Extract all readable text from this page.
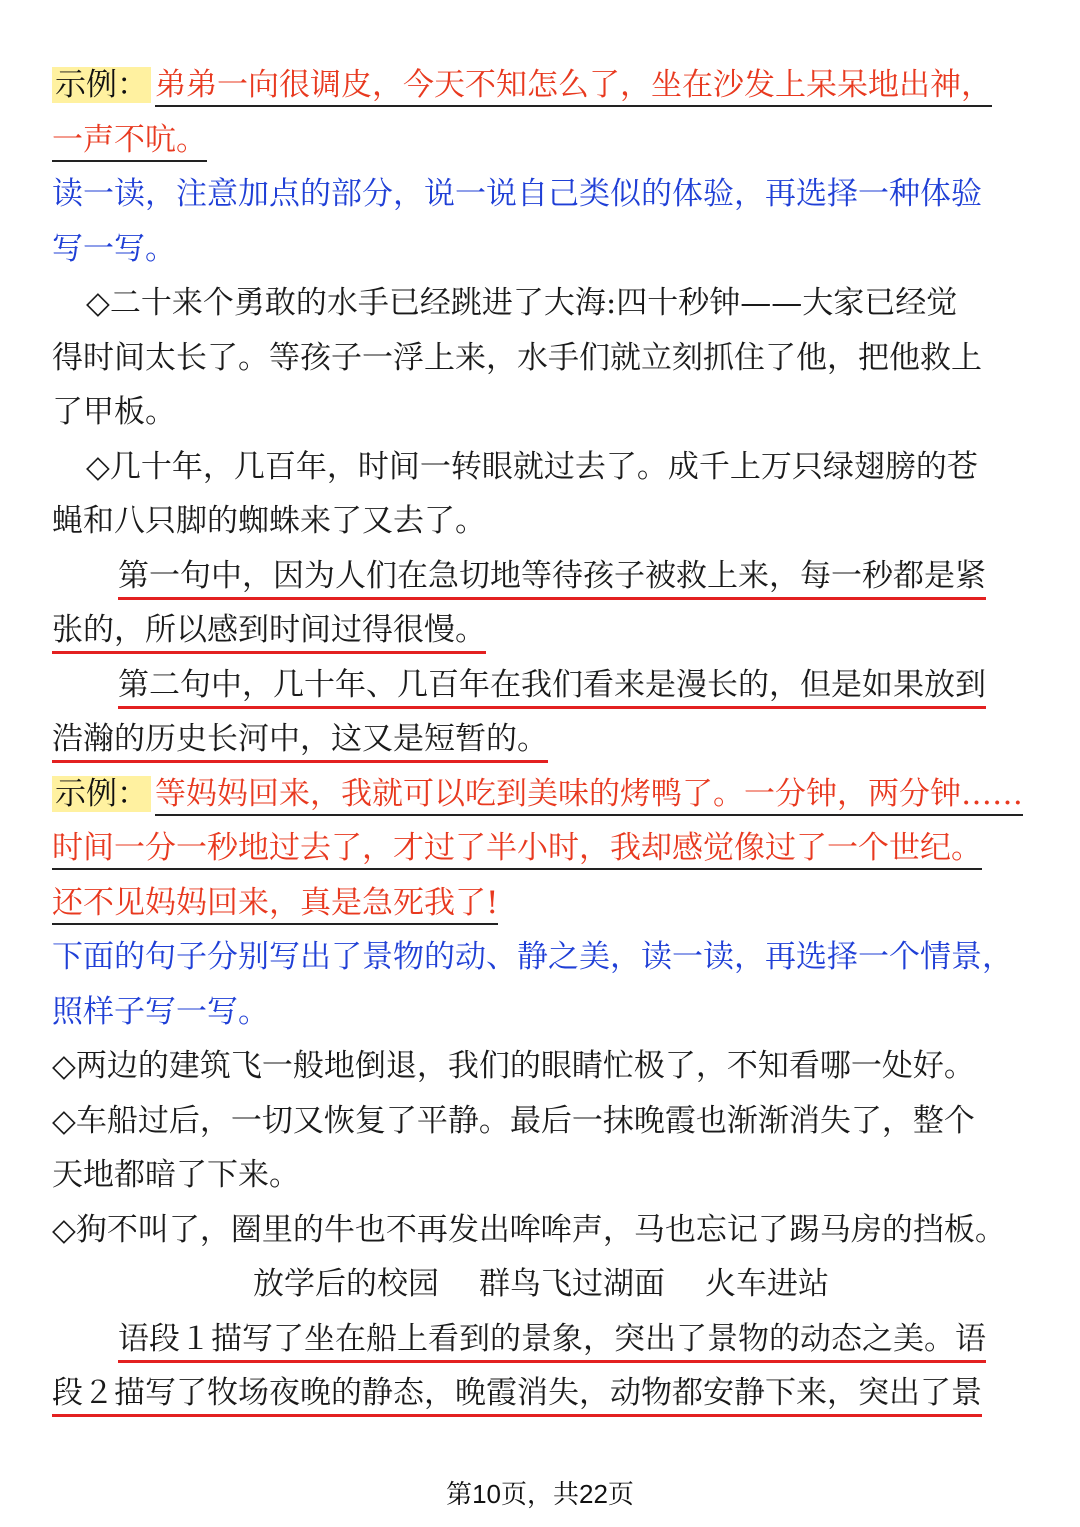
示例： 弟弟一向很调皮，今天不知怎么了，坐在沙发上呆呆地出神，
一声不吭。
读一读，注意加点的部分，说一说自己类似的体验，再选择一种体验
写一写。
◇二十来个勇敢的水手已经跳进了大海:四十秒钟——大家已经觉
得时间太长了。等孩子一浮上来，水手们就立刻抓住了他，把他救上
了甲板。
◇几十年，几百年，时间一转眼就过去了。成千上万只绿翅膀的苍
蝇和八只脚的蜘蛛来了又去了。
第一句中，因为人们在急切地等待孩子被救上来，每一秒都是紧
张的，所以感到时间过得很慢。
第二句中，几十年、几百年在我们看来是漫长的，但是如果放到
浩瀚的历史长河中，这又是短暂的。
示例： 等妈妈回来，我就可以吃到美味的烤鸭了。一分钟，两分钟……
时间一分一秒地过去了，才过了半小时，我却感觉像过了一个世纪。
还不见妈妈回来，真是急死我了!
下面的句子分别写出了景物的动、静之美，读一读，再选择一个情景，
照样子写一写。
◇两边的建筑飞一般地倒退，我们的眼睛忙极了，不知看哪一处好。
◇车船过后，一切又恢复了平静。最后一抹晚霞也渐渐消失了，整个
天地都暗了下来。
◇狗不叫了，圈里的牛也不再发出哞哞声，马也忘记了踢马房的挡板。
放学后的校园 群鸟飞过湖面 火车进站
语段１描写了坐在船上看到的景象，突出了景物的动态之美。语
段２描写了牧场夜晚的静态，晚霞消失，动物都安静下来，突出了景
第10页，共22页
